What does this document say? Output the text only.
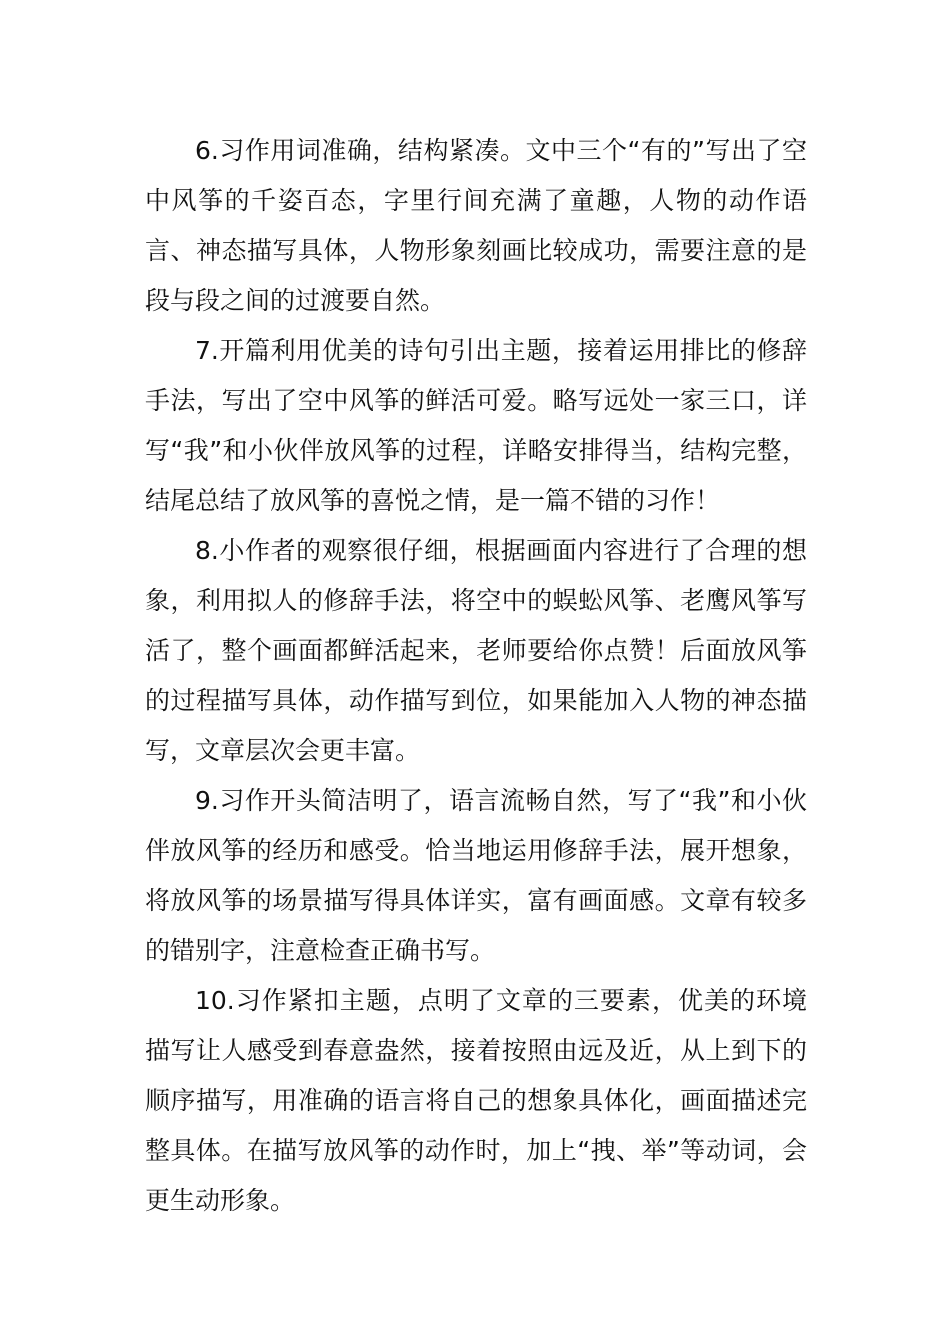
6.习作用词准确，结构紧凑。文中三个“有的”写出了空中风筝的千姿百态，字里行间充满了童趣，人物的动作语言、神态描写具体，人物形象刻画比较成功，需要注意的是段与段之间的过渡要自然。

7.开篇利用优美的诗句引出主题，接着运用排比的修辞手法，写出了空中风筝的鲜活可爱。略写远处一家三口，详写“我”和小伙伴放风筝的过程，详略安排得当，结构完整，结尾总结了放风筝的喜悦之情，是一篇不错的习作！

8.小作者的观察很仔细，根据画面内容进行了合理的想象，利用拟人的修辞手法，将空中的蜈蚣风筝、老鹰风筝写活了，整个画面都鲜活起来，老师要给你点赞！后面放风筝的过程描写具体，动作描写到位，如果能加入人物的神态描写，文章层次会更丰富。

9.习作开头简洁明了，语言流畅自然，写了“我”和小伙伴放风筝的经历和感受。恰当地运用修辞手法，展开想象，将放风筝的场景描写得具体详实，富有画面感。文章有较多的错别字，注意检查正确书写。

10.习作紧扣主题，点明了文章的三要素，优美的环境描写让人感受到春意盎然，接着按照由远及近，从上到下的顺序描写，用准确的语言将自己的想象具体化，画面描述完整具体。在描写放风筝的动作时，加上“拽、举”等动词，会更生动形象。
